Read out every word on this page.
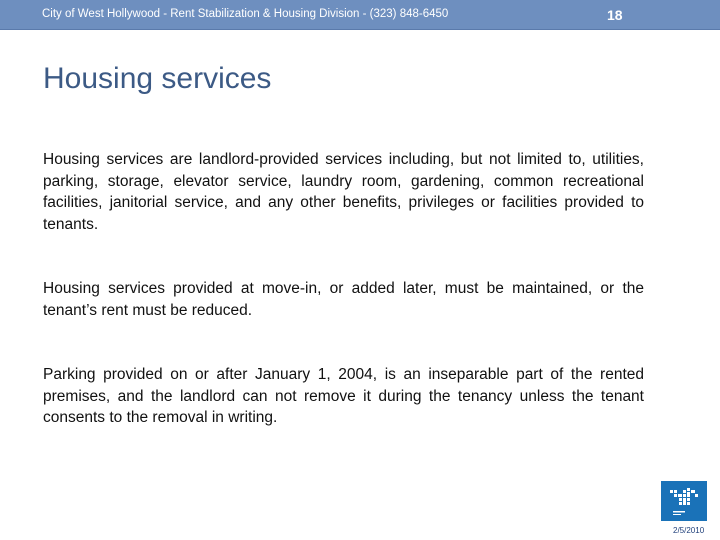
City of West Hollywood - Rent Stabilization & Housing Division - (323) 848-6450	18
Housing services

Housing services are landlord-provided services including, but not limited to, utilities, parking, storage, elevator service, laundry room, gardening, common recreational facilities, janitorial service, and any other benefits, privileges or facilities provided to tenants.

Housing services provided at move-in, or added later, must be maintained, or the tenant’s rent must be reduced.

Parking provided on or after January 1, 2004, is an inseparable part of the rented premises, and the landlord can not remove it during the tenancy unless the tenant consents to the removal in writing.

2/5/2010
